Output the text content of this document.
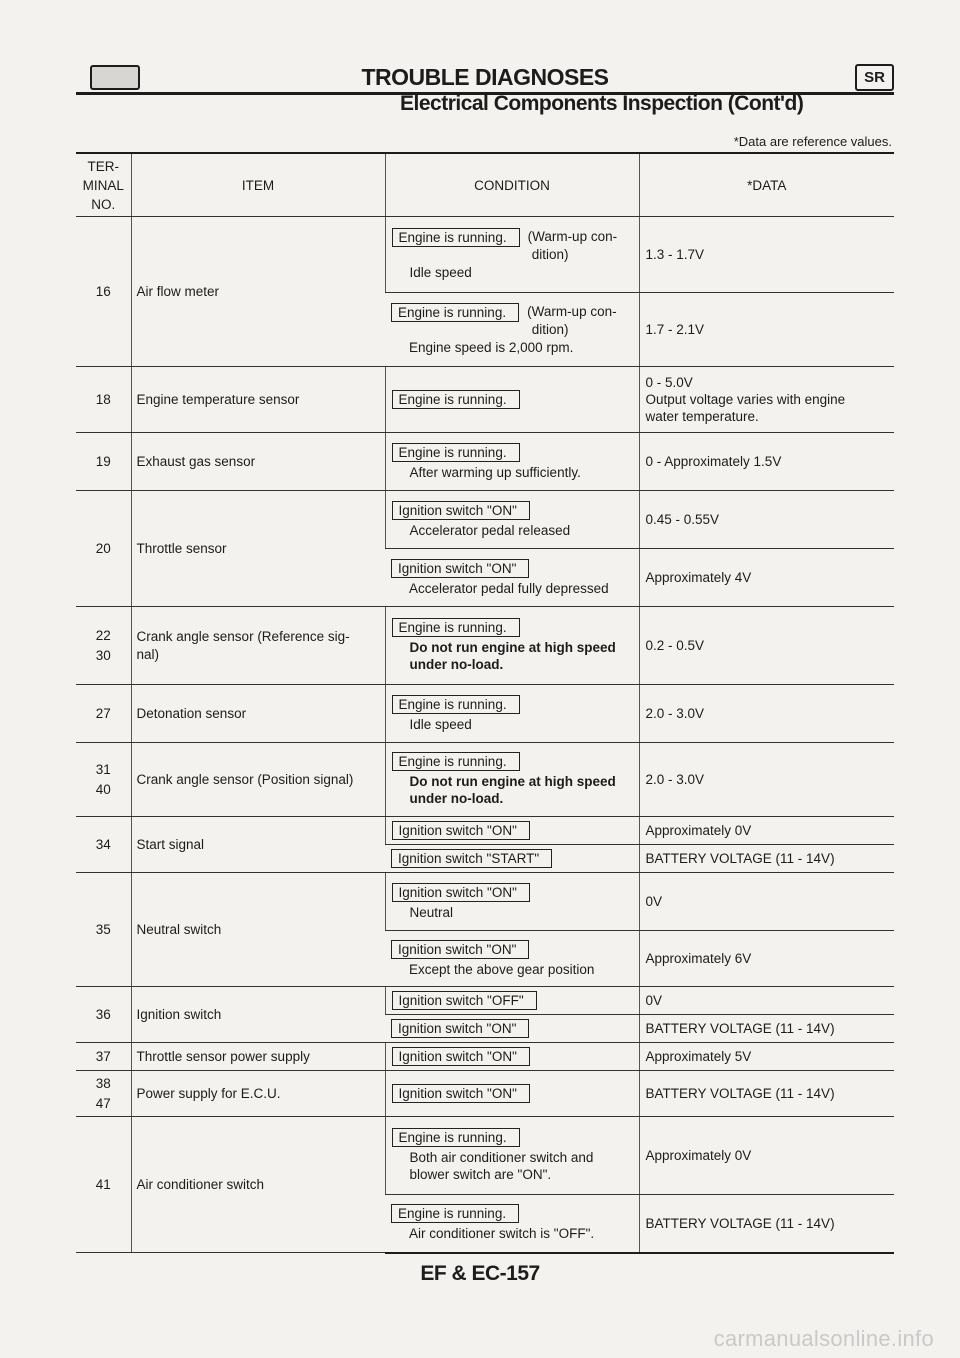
TROUBLE DIAGNOSES	SR
Electrical Components Inspection (Cont'd)
*Data are reference values.
TER-
MINAL
NO.	ITEM	CONDITION	*DATA
16	Air flow meter	Engine is running. (Warm-up con-
dition)
Idle speed	1.3 - 1.7V
		Engine is running. (Warm-up con-
dition)
Engine speed is 2,000 rpm.	1.7 - 2.1V
18	Engine temperature sensor	Engine is running.	0 - 5.0V
Output voltage varies with engine
water temperature.
19	Exhaust gas sensor	Engine is running.
After warming up sufficiently.	0 - Approximately 1.5V
20	Throttle sensor	Ignition switch "ON"
Accelerator pedal released	0.45 - 0.55V
		Ignition switch "ON"
Accelerator pedal fully depressed	Approximately 4V
22
30	Crank angle sensor (Reference sig-
nal)	Engine is running.
Do not run engine at high speed
under no-load.	0.2 - 0.5V
27	Detonation sensor	Engine is running.
Idle speed	2.0 - 3.0V
31
40	Crank angle sensor (Position signal)	Engine is running.
Do not run engine at high speed
under no-load.	2.0 - 3.0V
34	Start signal	Ignition switch "ON"	Approximately 0V
		Ignition switch "START"	BATTERY VOLTAGE (11 - 14V)
35	Neutral switch	Ignition switch "ON"
Neutral	0V
		Ignition switch "ON"
Except the above gear position	Approximately 6V
36	Ignition switch	Ignition switch "OFF"	0V
		Ignition switch "ON"	BATTERY VOLTAGE (11 - 14V)
37	Throttle sensor power supply	Ignition switch "ON"	Approximately 5V
38
47	Power supply for E.C.U.	Ignition switch "ON"	BATTERY VOLTAGE (11 - 14V)
41	Air conditioner switch	Engine is running.
Both air conditioner switch and
blower switch are "ON".	Approximately 0V
		Engine is running.
Air conditioner switch is "OFF".	BATTERY VOLTAGE (11 - 14V)
EF & EC-157
carmanualsonline.info
